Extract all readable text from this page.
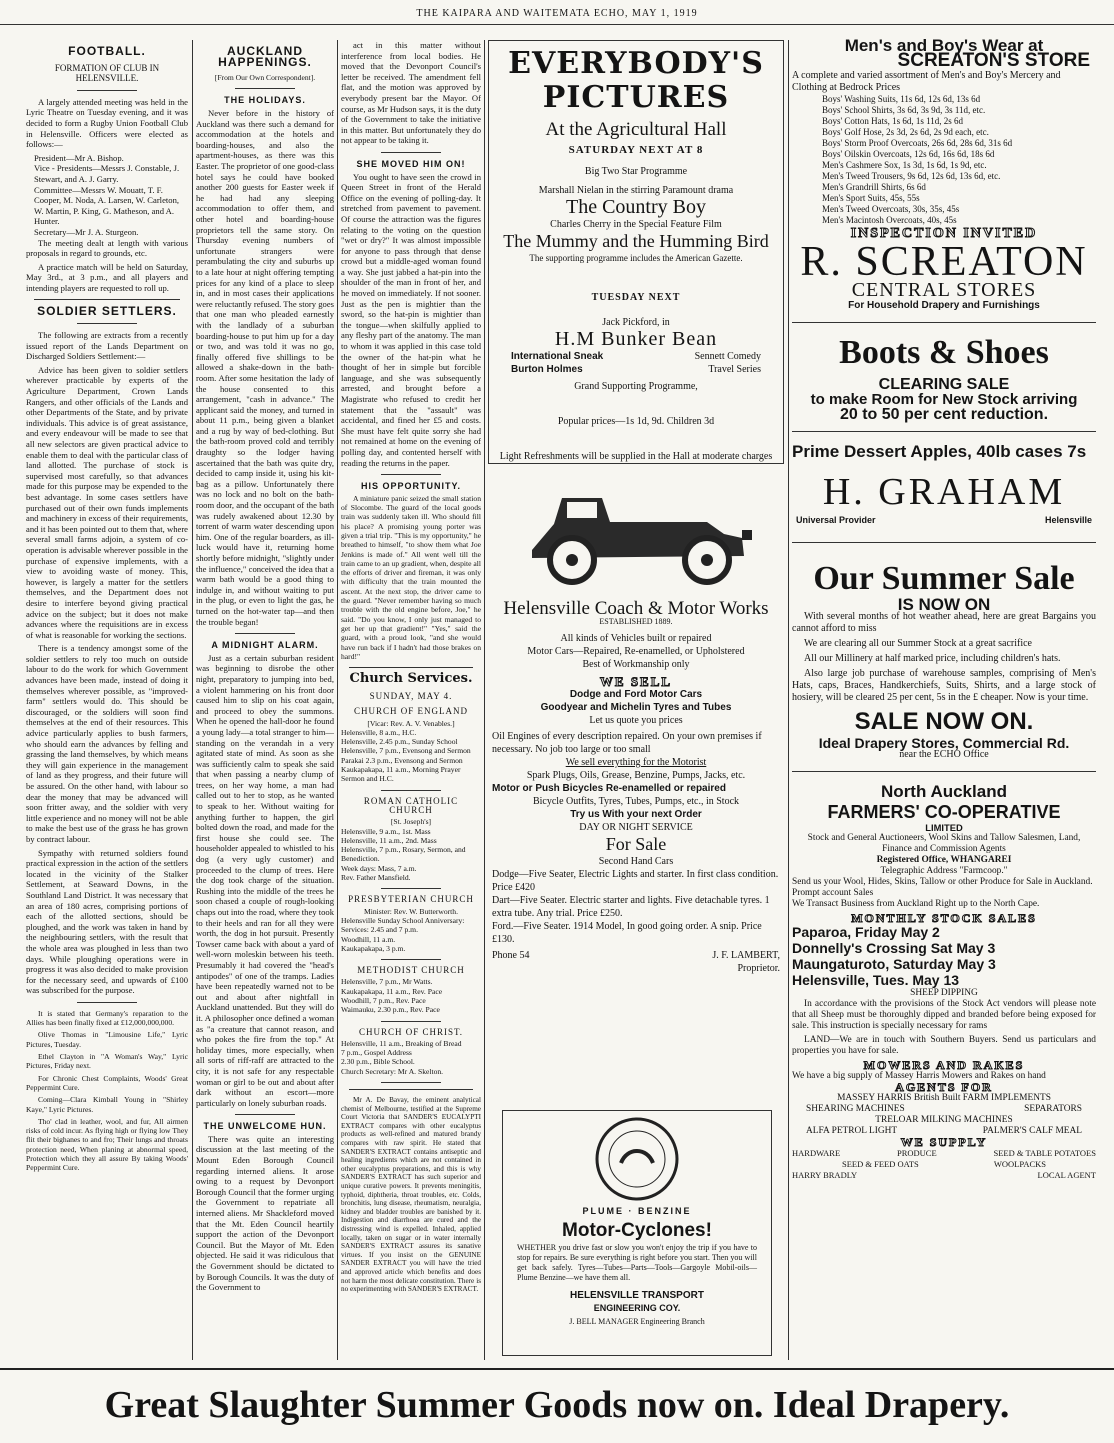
THE KAIPARA AND WAITEMATA ECHO, MAY 1, 1919
FOOTBALL.
FORMATION OF CLUB IN HELENSVILLE.

A largely attended meeting was held in the Lyric Theatre on Tuesday evening, and it was decided to form a Rugby Union Football Club in Helensville. Officers were elected as follows:—

President—Mr A. Bishop.
Vice - Presidents—Messrs J. Constable, J. Stewart, and A. J. Garry.
Committee—Messrs W. Mouatt, T. F. Cooper, M. Noda, A. Larsen, W. Carleton, W. Martin, P. King, G. Matheson, and A. Hunter.
Secretary—Mr J. A. Sturgeon.

The meeting dealt at length with various proposals in regard to grounds, etc.

A practice match will be held on Saturday, May 3rd., at 3 p.m., and all players and intending players are requested to roll up.

SOLDIER SETTLERS.

The following are extracts from a recently issued report of the Lands Department on Discharged Soldiers Settlement:—

Advice has been given to soldier settlers wherever practicable by experts of the Agriculture Department, Crown Lands Rangers, and other officials of the Lands and other Departments of the State, and by private individuals. This advice is of great assistance, and every endeavour will be made to see that all new selectors are given practical advice to enable them to deal with the particular class of land allotted. The purchase of stock is supervised most carefully, so that advances made for this purpose may be expended to the best advantage. In some cases settlers have purchased out of their own funds implements and machinery in excess of their requirements, and it has been pointed out to them that, where several small farms adjoin, a system of co-operation is advisable wherever possible in the purchase of expensive implements, with a view to avoiding waste of money. This, however, is largely a matter for the settlers themselves, and the Department does not desire to interfere beyond giving practical advice on the subject; but it does not make advances where the requisitions are in excess of what is reasonable for working the sections.

There is a tendency amongst some of the soldier settlers to rely too much on outside labour to do the work for which Government advances have been made, instead of doing it themselves wherever possible, as "improved-farm" settlers would do. This should be discouraged, or the soldiers will soon find themselves at the end of their resources. This advice particularly applies to bush farmers, who should earn the advances by felling and grassing the land themselves, by which means they will gain experience in the management of land as they progress, and their future will be assured. On the other hand, with labour so dear the money that may be advanced will soon fritter away, and the soldier with very little experience and no money will not be able to make the best use of the grass he has grown by contract labour.

Sympathy with returned soldiers found practical expression in the action of the settlers located in the vicinity of the Stalker Settlement, at Seaward Downs, in the Southland Land District. It was necessary that an area of 180 acres, comprising portions of each of the allotted sections, should be ploughed, and the work was taken in hand by the neighbouring settlers, with the result that the whole area was ploughed in less than two days. While ploughing operations were in progress it was also decided to make provision for the necessary seed, and upwards of £100 was subscribed for the purpose.

It is stated that Germany's reparation to the Allies has been finally fixed at £12,000,000,000.

Olive Thomas in "Limousine Life," Lyric Pictures, Tuesday.

Ethel Clayton in "A Woman's Way," Lyric Pictures, Friday next.

For Chronic Chest Complaints, Woods' Great Peppermint Cure.

Coming—Clara Kimball Young in "Shirley Kaye," Lyric Pictures.

Tho' clad in leather, wool, and fur, All airmen risks of cold incur. As flying high or flying low They flit their bighanes to and fro; Their lungs and throats protection need, When planing at abnormal speed, Protection which they all assure By taking Woods' Peppermint Cure.

AUCKLAND HAPPENINGS.
[From Our Own Correspondent].
THE HOLIDAYS.

Never before in the history of Auckland was there such a demand for accommodation at the hotels and boarding-houses, and also the apartment-houses, as there was this Easter. The proprietor of one good-class hotel says he could have booked another 200 guests for Easter week if he had had any sleeping accommodation to offer them, and other hotel and boarding-house proprietors tell the same story. On Thursday evening numbers of unfortunate strangers were perambulating the city and suburbs up to a late hour at night offering tempting prices for any kind of a place to sleep in, and in most cases their applications were reluctantly refused. The story goes that one man who pleaded earnestly with the landlady of a suburban boarding-house to put him up for a day or two, and was told it was no go, finally offered five shillings to be allowed a shake-down in the bath-room. After some hesitation the lady of the house consented to this arrangement, "cash in advance." The applicant said the money, and turned in about 11 p.m., being given a blanket and a rug by way of bed-clothing. But the bath-room proved cold and terribly draughty so the lodger having ascertained that the bath was quite dry, decided to camp inside it, using his kit-bag as a pillow. Unfortunately there was no lock and no bolt on the bath-room door, and the occupant of the bath was rudely awakened about 12.30 by torrent of warm water descending upon him. One of the regular boarders, as ill-luck would have it, returning home shortly before midnight, "slightly under the influence," conceived the idea that a warm bath would be a good thing to indulge in, and without waiting to put in the plug, or even to light the gas, he turned on the hot-water tap—and then the trouble began!

A MIDNIGHT ALARM.

Just as a certain suburban resident was beginning to disrobe the other night, preparatory to jumping into bed, a violent hammering on his front door caused him to slip on his coat again, and proceed to obey the summons. When he opened the hall-door he found a young lady—a total stranger to him—standing on the verandah in a very agitated state of mind. As soon as she was sufficiently calm to speak she said that when passing a nearby clump of trees, on her way home, a man had called out to her to stop, as he wanted to speak to her. Without waiting for anything further to happen, the girl bolted down the road, and made for the first house she could see. The householder appealed to whistled to his dog (a very ugly customer) and proceeded to the clump of trees. Here the dog took charge of the situation. Rushing into the middle of the trees he soon chased a couple of rough-looking chaps out into the road, where they took to their heels and ran for all they were worth, the dog in hot pursuit. Presently Towser came back with about a yard of well-worn moleskin between his teeth. Presumably it had covered the "head's antipodes" of one of the tramps. Ladies have been repeatedly warned not to be out and about after nightfall in Auckland unattended. But they will do it. A philosopher once defined a woman as "a creature that cannot reason, and who pokes the fire from the top." At holiday times, more especially, when all sorts of riff-raff are attracted to the city, it is not safe for any respectable woman or girl to be out and about after dark without an escort—more particularly on lonely suburban roads.

THE UNWELCOME HUN.

There was quite an interesting discussion at the last meeting of the Mount Eden Borough Council regarding interned aliens. It arose owing to a request by Devonport Borough Council that the former urging the Government to repatriate all interned aliens. Mr Shackleford moved that the Mt. Eden Council heartily support the action of the Devonport Council. But the Mayor of Mt. Eden objected. He said it was ridiculous that the Government should be dictated to by Borough Councils. It was the duty of the Government to

act in this matter without interference from local bodies. He moved that the Devonport Council's letter be received. The amendment fell flat, and the motion was approved by everybody present bar the Mayor. Of course, as Mr Hudson says, it is the duty of the Government to take the initiative in this matter. But unfortunately they do not appear to be taking it.

SHE MOVED HIM ON!

You ought to have seen the crowd in Queen Street in front of the Herald Office on the evening of polling-day. It stretched from pavement to pavement. Of course the attraction was the figures relating to the voting on the question "wet or dry?" It was almost impossible for anyone to pass through that dense crowd but a middle-aged woman found a way. She just jabbed a hat-pin into the shoulder of the man in front of her, and he moved on immediately. If not sooner. Just as the pen is mightier than the sword, so the hat-pin is mightier than the tongue—when skilfully applied to any fleshy part of the anatomy. The man to whom it was applied in this case told the owner of the hat-pin what he thought of her in simple but forcible language, and she was subsequently arrested, and brought before a Magistrate who refused to credit her statement that the "assault" was accidental, and fined her £5 and costs. She must have felt quite sorry she had not remained at home on the evening of polling day, and contented herself with reading the returns in the paper.

HIS OPPORTUNITY.

A miniature panic seized the small station of Slocombe. The guard of the local goods train was suddenly taken ill. Who should fill his place? A promising young porter was given a trial trip. "This is my opportunity," he breathed to himself, "to show them what Joe Jenkins is made of." All went well till the train came to an up gradient, when, despite all the efforts of driver and fireman, it was only with difficulty that the train mounted the ascent. At the next stop, the driver came to the guard. "Never remember having so much trouble with the old engine before, Joe," he said. "Do you know, I only just managed to get her up that gradient!" "Yes," said the guard, with a proud look, "and she would have run back if I hadn't had those brakes on hard!"

Church Services.
SUNDAY, MAY 4.
CHURCH OF ENGLAND
[Vicar: Rev. A. V. Venables.]
Helensville, 8 a.m., H.C.
Helensville, 2.45 p.m., Sunday School
Helensville, 7 p.m., Evensong and Sermon
Parakai 2.3 p.m., Evensong and Sermon
Kaukapakapa, 11 a.m., Morning Prayer Sermon and H.C.
ROMAN CATHOLIC CHURCH
[St. Joseph's]
Helensville, 9 a.m., 1st. Mass
Helensville, 11 a.m., 2nd. Mass
Helensville, 7 p.m., Rosary, Sermon, and Benediction.
Week days: Mass, 7 a.m.
Rev. Father Mansfield.
PRESBYTERIAN CHURCH
Minister: Rev. W. Butterworth.
Helensville Sunday School Anniversary: Services: 2.45 and 7 p.m.
Woodhill, 11 a.m.
Kaukapakapa, 3 p.m.
METHODIST CHURCH
Helensville, 7 p.m., Mr Watts.
Kaukapakapa, 11 a.m., Rev. Pace
Woodhill, 7 p.m., Rev. Pace
Waimauku, 2.30 p.m., Rev. Pace
CHURCH OF CHRIST.
Helensville, 11 a.m., Breaking of Bread
7 p.m., Gospel Address
2.30 p.m., Bible School.
Church Secretary: Mr A. Skelton.

Mr A. De Bavay, the eminent analytical chemist of Melbourne, testified at the Supreme Court Victoria that SANDER'S EUCALYPTI EXTRACT compares with other eucalyptus products as well-refined and matured brandy compares with raw spirit. He stated that SANDER'S EXTRACT contains antiseptic and healing ingredients which are not contained in other eucalyptus preparations, and this is why SANDER'S EXTRACT has such superior and unique curative powers. It prevents meningitis, typhoid, diphtheria, throat troubles, etc. Colds, bronchitis, lung disease, rheumatism, neuralgia, kidney and bladder troubles are banished by it. Indigestion and diarrhoea are cured and the distressing wind is expelled. Inhaled, applied locally, taken on sugar or in water internally SANDER'S EXTRACT assures its sanative virtues. If you insist on the GENUINE SANDER EXTRACT you will have the tried and approved article which benefits and does not harm the most delicate constitution. There is no experimenting with SANDER'S EXTRACT.

EVERYBODY'S PICTURES
At the Agricultural Hall
SATURDAY NEXT AT 8
Big Two Star Programme
Marshall Nielan in the stirring Paramount drama
The Country Boy
Charles Cherry in the Special Feature Film
The Mummy and the Humming Bird
The supporting programme includes the American Gazette.
TUESDAY NEXT
Jack Pickford, in
H.M Bunker Bean
International Sneak	Sennett Comedy
Burton Holmes	Travel Series
Grand Supporting Programme,
Popular prices—1s 1d, 9d. Children 3d
Light Refreshments will be supplied in the Hall at moderate charges
Helensville Coach & Motor Works
ESTABLISHED 1889.
All kinds of Vehicles built or repaired
Motor Cars—Repaired, Re-enamelled, or Upholstered
Best of Workmanship only
WE SELL
Dodge and Ford Motor Cars
Goodyear and Michelin Tyres and Tubes
Let us quote you prices
Oil Engines of every description repaired. On your own premises if necessary. No job too large or too small
We sell everything for the Motorist
Spark Plugs, Oils, Grease, Benzine, Pumps, Jacks, etc.
Motor or Push Bicycles Re-enamelled or repaired
Bicycle Outfits, Tyres, Tubes, Pumps, etc., in Stock
Try us With your next Order
DAY OR NIGHT SERVICE
For Sale
Second Hand Cars
Dodge—Five Seater, Electric Lights and starter. In first class condition. Price £420
Dart—Five Seater. Electric starter and lights. Five detachable tyres. 1 extra tube. Any trial. Price £250.
Ford.—Five Seater. 1914 Model, In good going order. A snip. Price £130.
Phone 54	J. F. LAMBERT,
Proprietor.
PLUME · BENZINE
Motor-Cyclones!
WHETHER you drive fast or slow you won't enjoy the trip if you have to stop for repairs. Be sure everything is right before you start. Then you will get back safely. Tyres—Tubes—Parts—Tools—Gargoyle Mobil-oils—Plume Benzine—we have them all.
HELENSVILLE TRANSPORT
ENGINEERING COY.
J. BELL MANAGER Engineering Branch
Men's and Boy's Wear at
SCREATON'S STORE
A complete and varied assortment of Men's and Boy's Mercery and Clothing at Bedrock Prices
Boys' Washing Suits, 11s 6d, 12s 6d, 13s 6d
Boys' School Shirts, 3s 6d, 3s 9d, 3s 11d, etc.
Boys' Cotton Hats, 1s 6d, 1s 11d, 2s 6d
Boys' Golf Hose, 2s 3d, 2s 6d, 2s 9d each, etc.
Boys' Storm Proof Overcoats, 26s 6d, 28s 6d, 31s 6d
Boys' Oilskin Overcoats, 12s 6d, 16s 6d, 18s 6d
Men's Cashmere Sox, 1s 3d, 1s 6d, 1s 9d, etc.
Men's Tweed Trousers, 9s 6d, 12s 6d, 13s 6d, etc.
Men's Grandrill Shirts, 6s 6d
Men's Sport Suits, 45s, 55s
Men's Tweed Overcoats, 30s, 35s, 45s
Men's Macintosh Overcoats, 40s, 45s
INSPECTION INVITED
R. SCREATON
CENTRAL STORES
For Household Drapery and Furnishings
Boots & Shoes
CLEARING SALE
to make Room for New Stock arriving
20 to 50 per cent reduction.
Prime Dessert Apples, 40lb cases 7s
H. GRAHAM
Universal Provider	Helensville
Our Summer Sale
IS NOW ON

With several months of hot weather ahead, here are great Bargains you cannot afford to miss

We are clearing all our Summer Stock at a great sacrifice

All our Millinery at half marked price, including children's hats.

Also large job purchase of warehouse samples, comprising of Men's Hats, caps, Braces, Handkerchiefs, Suits, Shirts, and a large stock of hosiery, will be cleared 25 per cent, 5s in the £ cheaper. Now is your time.

SALE NOW ON.
Ideal Drapery Stores, Commercial Rd.
near the ECHO Office
North Auckland
FARMERS' CO-OPERATIVE
LIMITED
Stock and General Auctioneers, Wool Skins and Tallow Salesmen, Land, Finance and Commission Agents
Registered Office, WHANGAREI
Telegraphic Address "Farmcoop."
Send us your Wool, Hides, Skins, Tallow or other Produce for Sale in Auckland. Prompt account Sales
We Transact Business from Auckland Right up to the North Cape.
MONTHLY STOCK SALES
Paparoa, Friday May 2
Donnelly's Crossing Sat May 3
Maungaturoto, Saturday May 3
Helensville, Tues. May 13
SHEEP DIPPING

In accordance with the provisions of the Stock Act vendors will please note that all Sheep must be thoroughly dipped and branded before being exposed for sale. This instruction is specially necessary for rams

LAND—We are in touch with Southern Buyers. Send us particulars and properties you have for sale.

MOWERS AND RAKES
We have a big supply of Massey Harris Mowers and Rakes on hand
AGENTS FOR
MASSEY HARRIS British Built FARM IMPLEMENTS
SHEARING MACHINES	SEPARATORS
TRELOAR MILKING MACHINES
ALFA PETROL LIGHT	PALMER'S CALF MEAL
WE SUPPLY
HARDWARE	PRODUCE	SEED & TABLE POTATOES
SEED & FEED OATS	WOOLPACKS
HARRY BRADLY	LOCAL AGENT
Great Slaughter Summer Goods now on. Ideal Drapery.
